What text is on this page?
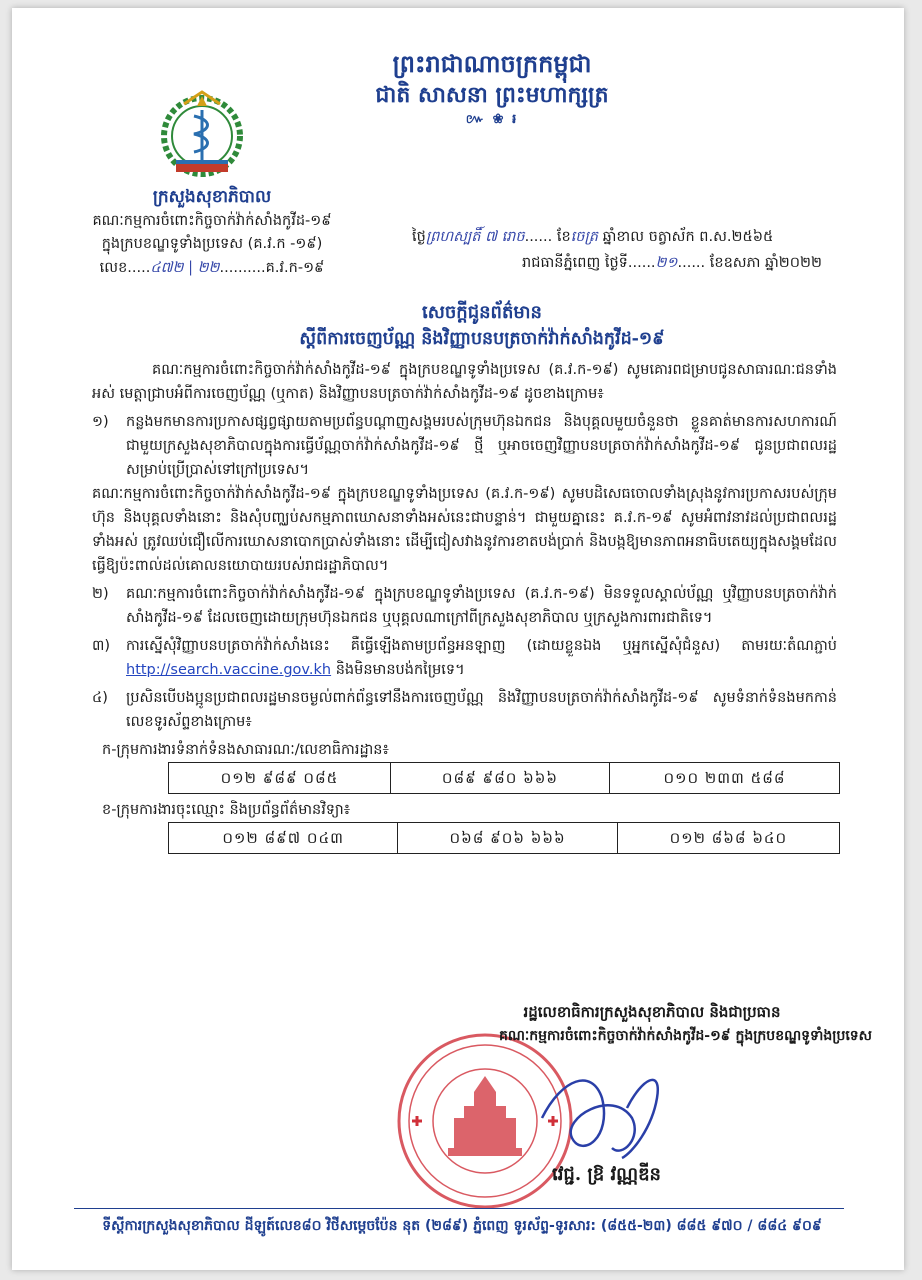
ព្រះរាជាណាចក្រកម្ពុជា
ជាតិ សាសនា ព្រះមហាក្សត្រ
៚ ❀ ៛
ក្រសួងសុខាភិបាល
គណៈកម្មការចំពោះកិច្ចចាក់វ៉ាក់សាំងកូវីដ-១៩
ក្នុងក្របខណ្ឌទូទាំងប្រទេស (គ.វ.ក -១៩)
លេខ.....៤៧២ | ២២..........គ.វ.ក-១៩
ថ្ងៃព្រហស្បតិ៍ ៧ រោច...... ខែចេត្រ ឆ្នាំខាល ចត្វាស័ក ព.ស.២៥៦៥
រាជធានីភ្នំពេញ ថ្ងៃទី......២១...... ខែឧសភា ឆ្នាំ២០២២
សេចក្តីជូនព័ត៌មាន
ស្តីពីការចេញប័ណ្ណ និងវិញ្ញាបនបត្រចាក់វ៉ាក់សាំងកូវីដ-១៩

គណៈកម្មការចំពោះកិច្ចចាក់វ៉ាក់សាំងកូវីដ-១៩ ក្នុងក្របខណ្ឌទូទាំងប្រទេស (គ.វ.ក-១៩) សូមគោរពជម្រាបជូនសាធារណៈជនទាំងអស់ មេត្តាជ្រាបអំពីការចេញប័ណ្ណ (ឬកាត) និងវិញ្ញាបនបត្រចាក់វ៉ាក់សាំងកូវីដ-១៩ ដូចខាងក្រោម៖

១)	កន្លងមកមានការប្រកាសផ្សព្វផ្សាយតាមប្រព័ន្ធបណ្តាញសង្គមរបស់ក្រុមហ៊ុនឯកជន និងបុគ្គលមួយចំនួនថា ខ្លួនគាត់មានការសហការណ៍ជាមួយក្រសួងសុខាភិបាលក្នុងការធ្វើប័ណ្ណចាក់វ៉ាក់សាំងកូវីដ-១៩ ថ្មី ឬអាចចេញវិញ្ញាបនបត្រចាក់វ៉ាក់សាំងកូវីដ-១៩ ជូនប្រជាពលរដ្ឋសម្រាប់ប្រើប្រាស់ទៅក្រៅប្រទេស។

គណៈកម្មការចំពោះកិច្ចចាក់វ៉ាក់សាំងកូវីដ-១៩ ក្នុងក្របខណ្ឌទូទាំងប្រទេស (គ.វ.ក-១៩) សូមបដិសេធចោលទាំងស្រុងនូវការប្រកាសរបស់ក្រុមហ៊ុន និងបុគ្គលទាំងនោះ និងសុំបញ្ឈប់សកម្មភាពឃោសនាទាំងអស់នេះជាបន្ទាន់។ ជាមួយគ្នានេះ គ.វ.ក-១៩ សូមអំពាវនាវដល់ប្រជាពលរដ្ឋទាំងអស់ ត្រូវឈប់ជឿលើការឃោសនាបោកប្រាស់ទាំងនោះ ដើម្បីជៀសវាងនូវការខាតបង់ប្រាក់ និងបង្កឱ្យមានភាពអនាធិបតេយ្យក្នុងសង្គមដែលធ្វើឱ្យប៉ះពាល់ដល់គោលនយោបាយរបស់រាជរដ្ឋាភិបាល។

២)	គណៈកម្មការចំពោះកិច្ចចាក់វ៉ាក់សាំងកូវីដ-១៩ ក្នុងក្របខណ្ឌទូទាំងប្រទេស (គ.វ.ក-១៩) មិនទទួលស្គាល់ប័ណ្ណ ឬវិញ្ញាបនបត្រចាក់វ៉ាក់សាំងកូវីដ-១៩ ដែលចេញដោយក្រុមហ៊ុនឯកជន ឬបុគ្គលណាក្រៅពីក្រសួងសុខាភិបាល ឬក្រសួងការពារជាតិទេ។

៣)	ការស្នើសុំវិញ្ញាបនបត្រចាក់វ៉ាក់សាំងនេះ គឺធ្វើឡើងតាមប្រព័ន្ធអនឡាញ (ដោយខ្លួនឯង ឬអ្នកស្នើសុំជំនួស) តាមរយៈតំណភ្ជាប់ http://search.vaccine.gov.kh និងមិនមានបង់កម្រៃទេ។

៤)	ប្រសិនបើបងប្អូនប្រជាពលរដ្ឋមានចម្ងល់ពាក់ព័ន្ធទៅនឹងការចេញប័ណ្ណ និងវិញ្ញាបនបត្រចាក់វ៉ាក់សាំងកូវីដ-១៩ សូមទំនាក់ទំនងមកកាន់លេខទូរស័ព្ទខាងក្រោម៖

ក-ក្រុមការងារទំនាក់ទំនងសាធារណៈ/លេខាធិការដ្ឋាន៖
០១២ ៩៨៩ ០៨៥	០៨៩ ៩៨០ ៦៦៦	០១០ ២៣៣ ៥៨៨
ខ-ក្រុមការងារចុះឈ្មោះ និងប្រព័ន្ធព័ត៌មានវិទ្យា៖
០១២ ៨៩៧ ០៤៣	០៦៨ ៩០៦ ៦៦៦	០១២ ៨៦៨ ៦៤០
រដ្ឋលេខាធិការក្រសួងសុខាភិបាល និងជាប្រធាន
គណៈកម្មការចំពោះកិច្ចចាក់វ៉ាក់សាំងកូវីដ-១៩ ក្នុងក្របខណ្ឌទូទាំងប្រទេស
វេជ្ជ. ឱ្រ វណ្ណឌីន
ទីស្តីការក្រសួងសុខាភិបាល ដីឡូត៍លេខ៨០ វិថីសម្តេចប៉ែន នុត (២៨៩) ភ្នំពេញ ទូរស័ព្ទ-ទូរសារ: (៨៥៥-២៣) ៨៨៥ ៩៧០ / ៨៨៤ ៩០៩
